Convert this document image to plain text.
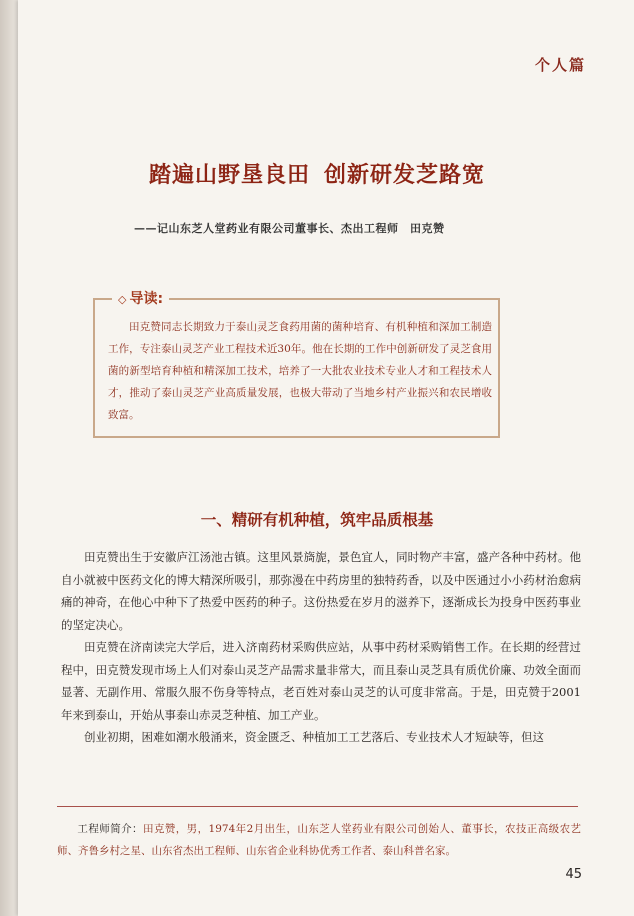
个人篇
踏遍山野垦良田 创新研发芝路宽
——记山东芝人堂药业有限公司董事长、杰出工程师　田克赞
◇ 导读:
田克赞同志长期致力于泰山灵芝食药用菌的菌种培育、有机种植和深加工制造工作，专注泰山灵芝产业工程技术近30年。他在长期的工作中创新研发了灵芝食用菌的新型培育种植和精深加工技术，培养了一大批农业技术专业人才和工程技术人才，推动了泰山灵芝产业高质量发展，也极大带动了当地乡村产业振兴和农民增收致富。
一、精研有机种植，筑牢品质根基

田克赞出生于安徽庐江汤池古镇。这里风景旖旎，景色宜人，同时物产丰富，盛产各种中药材。他自小就被中医药文化的博大精深所吸引，那弥漫在中药房里的独特药香，以及中医通过小小药材治愈病痛的神奇，在他心中种下了热爱中医药的种子。这份热爱在岁月的滋养下，逐渐成长为投身中医药事业的坚定决心。

田克赞在济南读完大学后，进入济南药材采购供应站，从事中药材采购销售工作。在长期的经营过程中，田克赞发现市场上人们对泰山灵芝产品需求量非常大，而且泰山灵芝具有质优价廉、功效全面而显著、无副作用、常服久服不伤身等特点，老百姓对泰山灵芝的认可度非常高。于是，田克赞于2001年来到泰山，开始从事泰山赤灵芝种植、加工产业。

创业初期，困难如潮水般涌来，资金匮乏、种植加工工艺落后、专业技术人才短缺等，但这

工程师简介：田克赞，男，1974年2月出生，山东芝人堂药业有限公司创始人、董事长，农技正高级农艺师、齐鲁乡村之星、山东省杰出工程师、山东省企业科协优秀工作者、泰山科普名家。
45
